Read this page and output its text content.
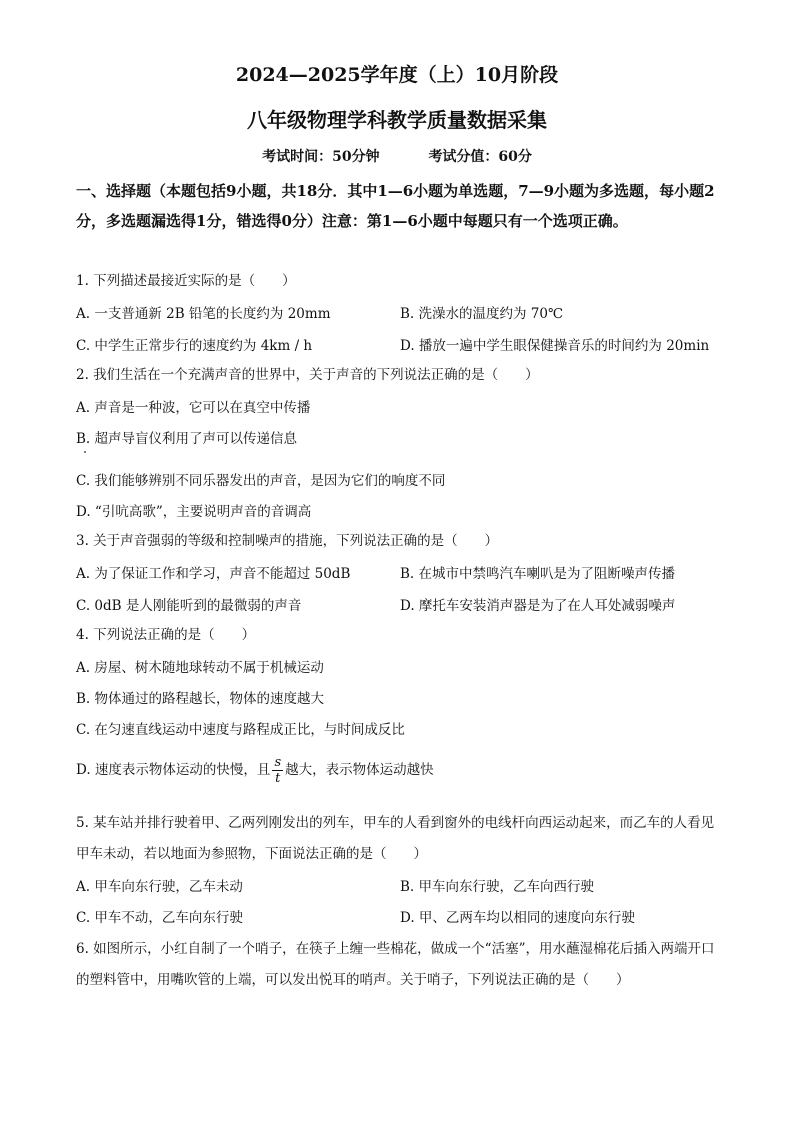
2024—2025学年度（上）10月阶段
八年级物理学科教学质量数据采集
考试时间：50分钟	考试分值：60分
一、选择题（本题包括9小题，共18分．其中1—6小题为单选题，7—9小题为多选题，每小题2分，多选题漏选得1分，错选得0分）注意：第1—6小题中每题只有一个选项正确。
1. 下列描述最接近实际的是（　　）
A. 一支普通新 2B 铅笔的长度约为 20mm	B. 洗澡水的温度约为 70℃
C. 中学生正常步行的速度约为 4km / h	D. 播放一遍中学生眼保健操音乐的时间约为 20min
2. 我们生活在一个充满声音的世界中，关于声音的下列说法正确的是（　　）
A. 声音是一种波，它可以在真空中传播
B. 超声导盲仪利用了声可以传递信息
C. 我们能够辨别不同乐器发出的声音，是因为它们的响度不同
D. “引吭高歌”，主要说明声音的音调高
3. 关于声音强弱的等级和控制噪声的措施，下列说法正确的是（　　）
A. 为了保证工作和学习，声音不能超过 50dB	B. 在城市中禁鸣汽车喇叭是为了阻断噪声传播
C. 0dB 是人刚能听到的最微弱的声音	D. 摩托车安装消声器是为了在人耳处减弱噪声
4. 下列说法正确的是（　　）
A. 房屋、树木随地球转动不属于机械运动
B. 物体通过的路程越长，物体的速度越大
C. 在匀速直线运动中速度与路程成正比，与时间成反比
D. 速度表示物体运动的快慢，且 $\frac{s}{t}$ 越大，表示物体运动越快
5. 某车站并排行驶着甲、乙两列刚发出的列车，甲车的人看到窗外的电线杆向西运动起来，而乙车的人看见甲车未动，若以地面为参照物，下面说法正确的是（　　）
A. 甲车向东行驶，乙车未动	B. 甲车向东行驶，乙车向西行驶
C. 甲车不动，乙车向东行驶	D. 甲、乙两车均以相同的速度向东行驶
6. 如图所示，小红自制了一个哨子，在筷子上缠一些棉花，做成一个“活塞”，用水蘸湿棉花后插入两端开口的塑料管中，用嘴吹管的上端，可以发出悦耳的哨声。关于哨子，下列说法正确的是（　　）
